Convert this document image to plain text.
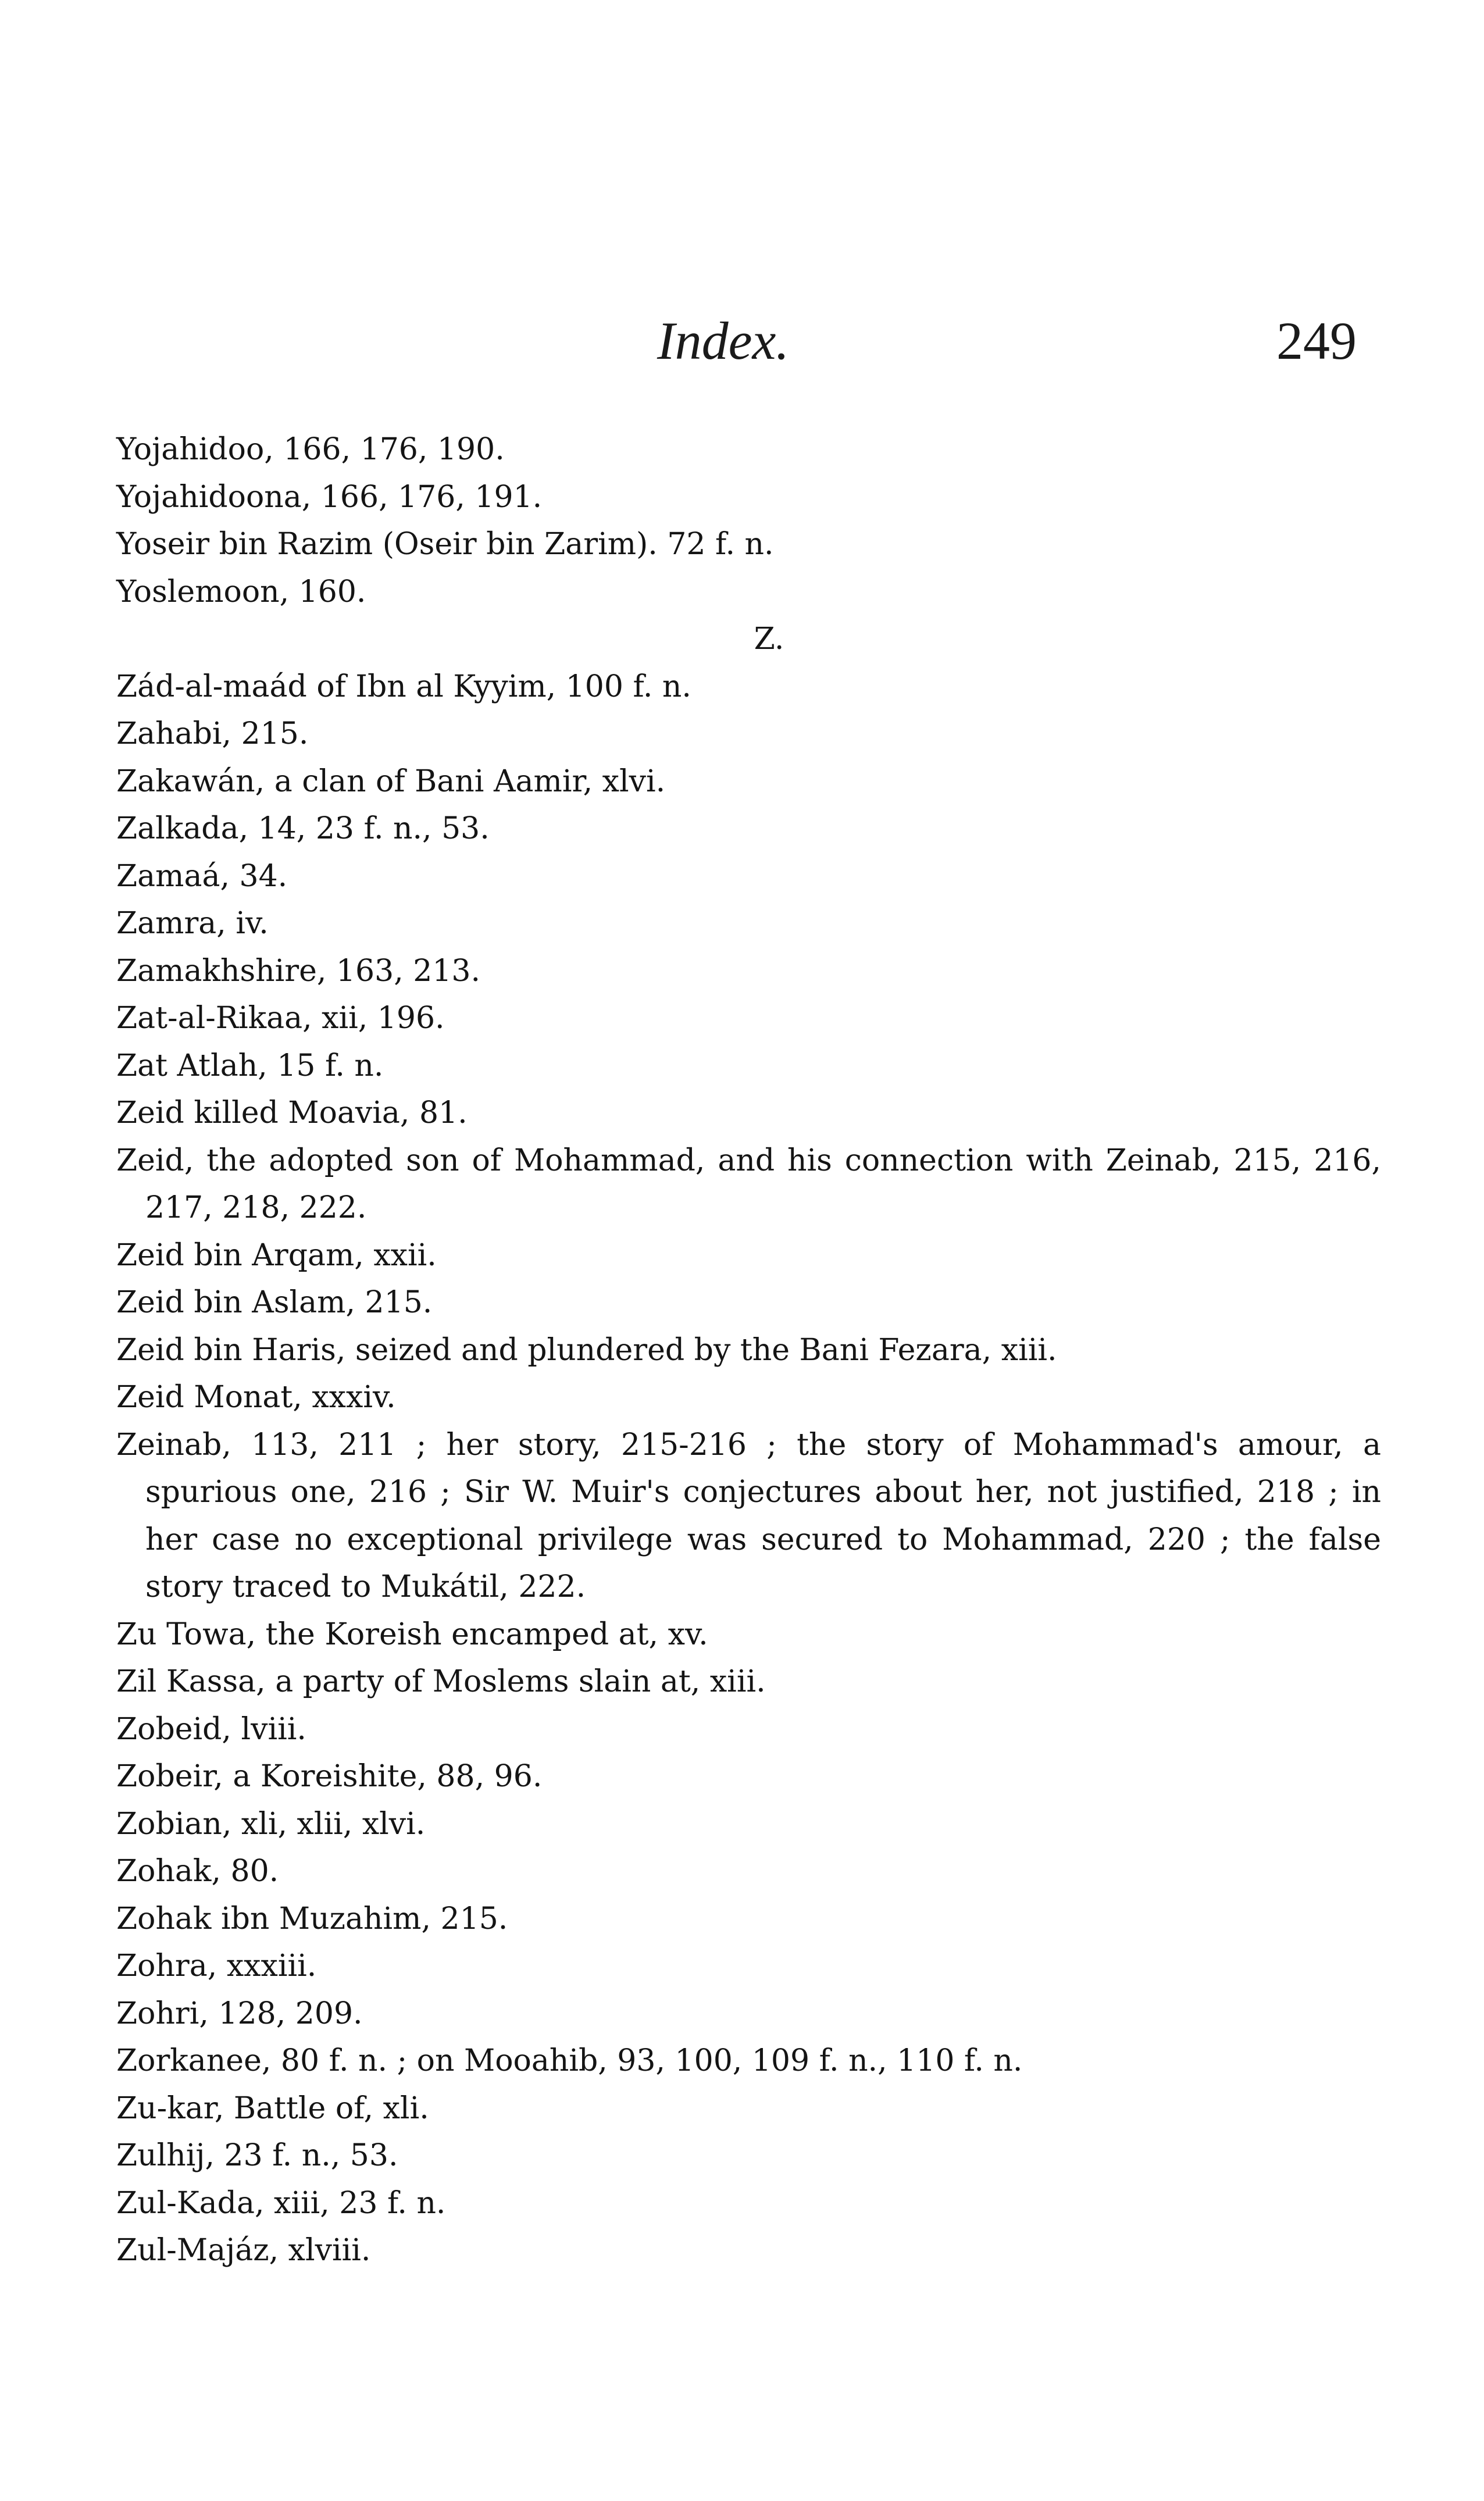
Index.	249
Yojahidoo, 166, 176, 190.
Yojahidoona, 166, 176, 191.
Yoseir bin Razim (Oseir bin Zarim). 72 f. n.
Yoslemoon, 160.
Z.
Zád-al-maád of Ibn al Kyyim, 100 f. n.
Zahabi, 215.
Zakawán, a clan of Bani Aamir, xlvi.
Zalkada, 14, 23 f. n., 53.
Zamaá, 34.
Zamra, iv.
Zamakhshire, 163, 213.
Zat-al-Rikaa, xii, 196.
Zat Atlah, 15 f. n.
Zeid killed Moavia, 81.
Zeid, the adopted son of Mohammad, and his connection with Zeinab, 215, 216, 217, 218, 222.
Zeid bin Arqam, xxii.
Zeid bin Aslam, 215.
Zeid bin Haris, seized and plundered by the Bani Fezara, xiii.
Zeid Monat, xxxiv.
Zeinab, 113, 211 ; her story, 215-216 ; the story of Mohammad's amour, a spurious one, 216 ; Sir W. Muir's conjectures about her, not justified, 218 ; in her case no exceptional privilege was secured to Mohammad, 220 ; the false story traced to Mukátil, 222.
Zu Towa, the Koreish encamped at, xv.
Zil Kassa, a party of Moslems slain at, xiii.
Zobeid, lviii.
Zobeir, a Koreishite, 88, 96.
Zobian, xli, xlii, xlvi.
Zohak, 80.
Zohak ibn Muzahim, 215.
Zohra, xxxiii.
Zohri, 128, 209.
Zorkanee, 80 f. n. ; on Mooahib, 93, 100, 109 f. n., 110 f. n.
Zu-kar, Battle of, xli.
Zulhij, 23 f. n., 53.
Zul-Kada, xiii, 23 f. n.
Zul-Majáz, xlviii.
